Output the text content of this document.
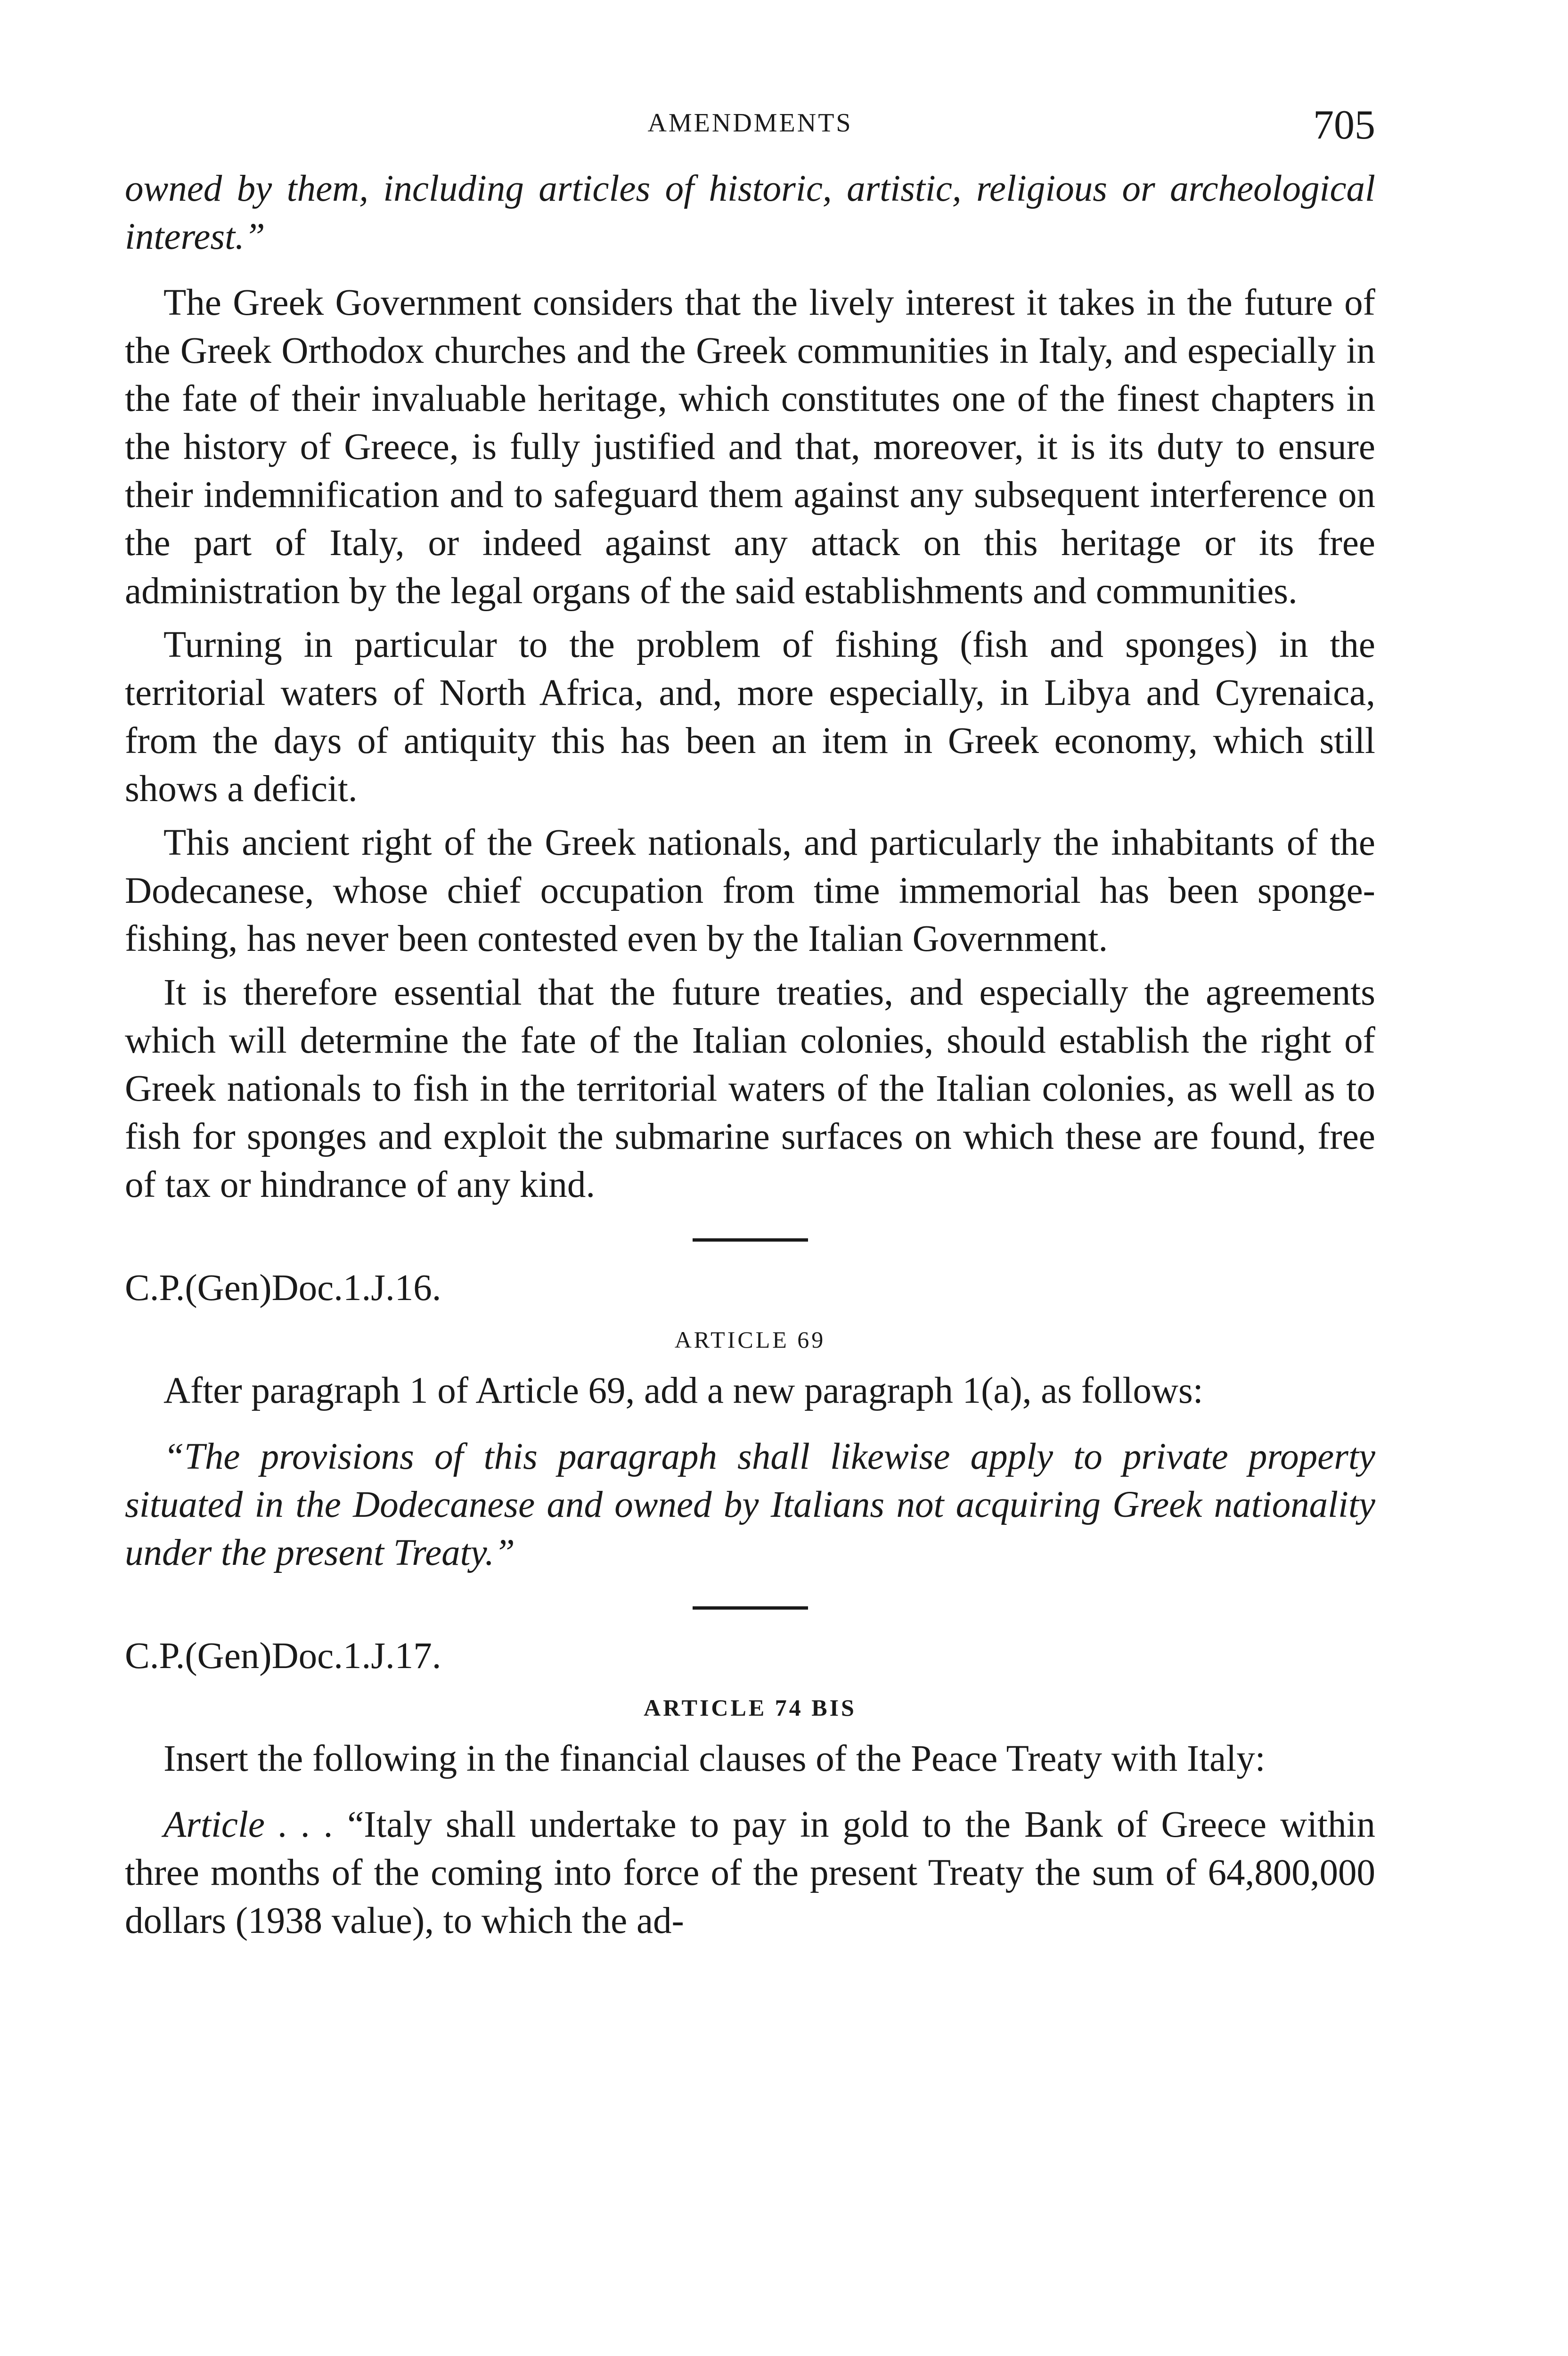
AMENDMENTS	705

owned by them, including articles of historic, artistic, religious or archeological interest.”

The Greek Government considers that the lively interest it takes in the future of the Greek Orthodox churches and the Greek communities in Italy, and especially in the fate of their invaluable heritage, which constitutes one of the finest chapters in the history of Greece, is fully justified and that, moreover, it is its duty to ensure their indemnification and to safeguard them against any subsequent interference on the part of Italy, or indeed against any attack on this heritage or its free administration by the legal organs of the said establishments and communities.

Turning in particular to the problem of fishing (fish and sponges) in the territorial waters of North Africa, and, more especially, in Libya and Cyrenaica, from the days of antiquity this has been an item in Greek economy, which still shows a deficit.

This ancient right of the Greek nationals, and particularly the inhabitants of the Dodecanese, whose chief occupation from time immemorial has been sponge-fishing, has never been contested even by the Italian Government.

It is therefore essential that the future treaties, and especially the agreements which will determine the fate of the Italian colonies, should establish the right of Greek nationals to fish in the territorial waters of the Italian colonies, as well as to fish for sponges and exploit the submarine surfaces on which these are found, free of tax or hindrance of any kind.

C.P.(Gen)Doc.1.J.16.

ARTICLE 69

After paragraph 1 of Article 69, add a new paragraph 1(a), as follows:

“The provisions of this paragraph shall likewise apply to private property situated in the Dodecanese and owned by Italians not acquiring Greek nationality under the present Treaty.”

C.P.(Gen)Doc.1.J.17.

ARTICLE 74 BIS

Insert the following in the financial clauses of the Peace Treaty with Italy:

Article . . . “Italy shall undertake to pay in gold to the Bank of Greece within three months of the coming into force of the present Treaty the sum of 64,800,000 dollars (1938 value), to which the ad-
